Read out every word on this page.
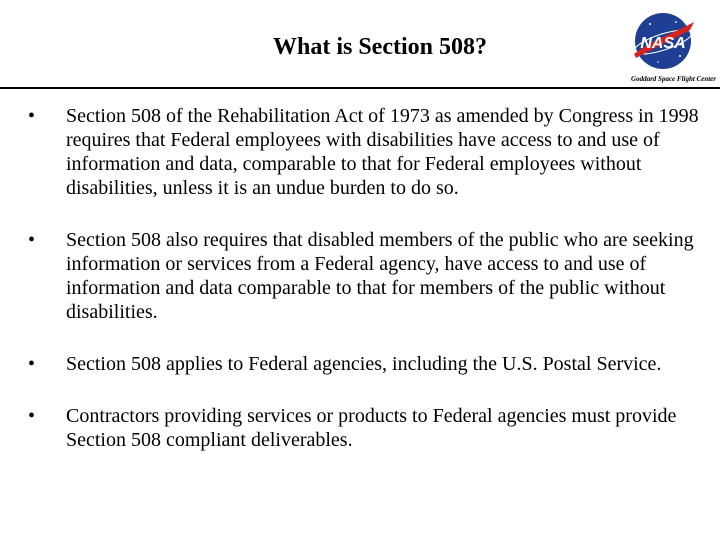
What is Section 508?	NASA
Goddard Space Flight Center
•	Section 508 of the Rehabilitation Act of 1973 as amended by Congress in 1998 requires that Federal employees with disabilities have access to and use of information and data, comparable to that for Federal employees without disabilities, unless it is an undue burden to do so.
•	Section 508 also requires that disabled members of the public who are seeking information or services from a Federal agency, have access to and use of information and data comparable to that for members of the public without disabilities.
•	Section 508 applies to Federal agencies, including the U.S. Postal Service.
•	Contractors providing services or products to Federal agencies must provide Section 508 compliant deliverables.
